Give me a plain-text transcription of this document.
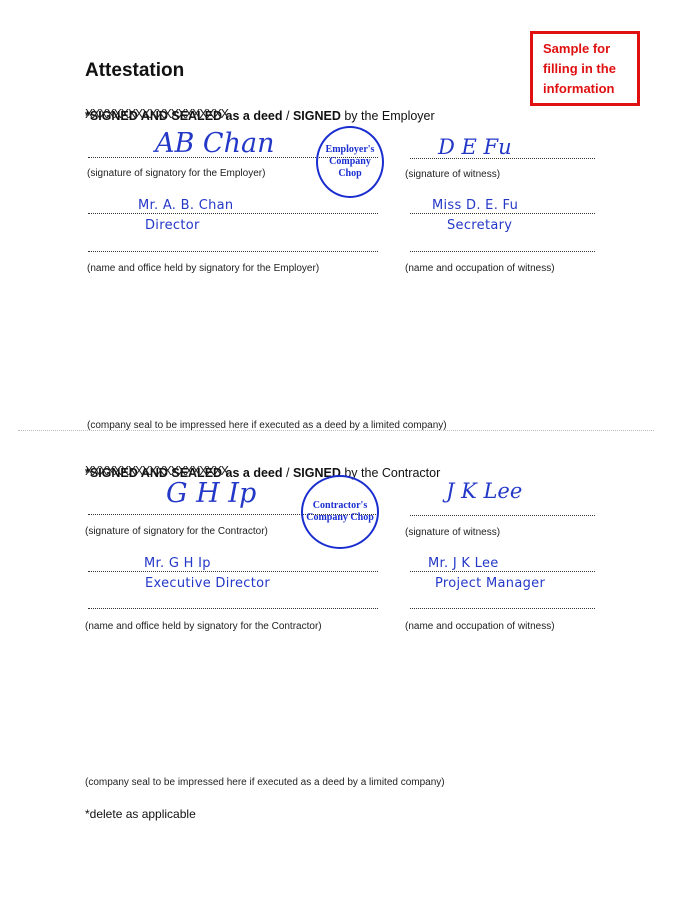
Attestation
Sample for filling in the information
*SIGNED AND SEALED as a deed XXXXXXXXXXXXXXXXXXXX / SIGNED by the Employer
AB Chan
(signature of signatory for the Employer)
Employer's Company Chop
D E Fu
(signature of witness)
Mr. A. B. Chan
Director
(name and office held by signatory for the Employer)
Miss D. E. Fu
Secretary
(name and occupation of witness)
(company seal to be impressed here if executed as a deed by a limited company)
*SIGNED AND SEALED as a deed XXXXXXXXXXXXXXXXXXXX / SIGNED by the Contractor
G H Ip
(signature of signatory for the Contractor)
Contractor's Company Chop
J K Lee
(signature of witness)
Mr. G H Ip
Executive Director
(name and office held by signatory for the Contractor)
Mr. J K Lee
Project Manager
(name and occupation of witness)
(company seal to be impressed here if executed as a deed by a limited company)
*delete as applicable
